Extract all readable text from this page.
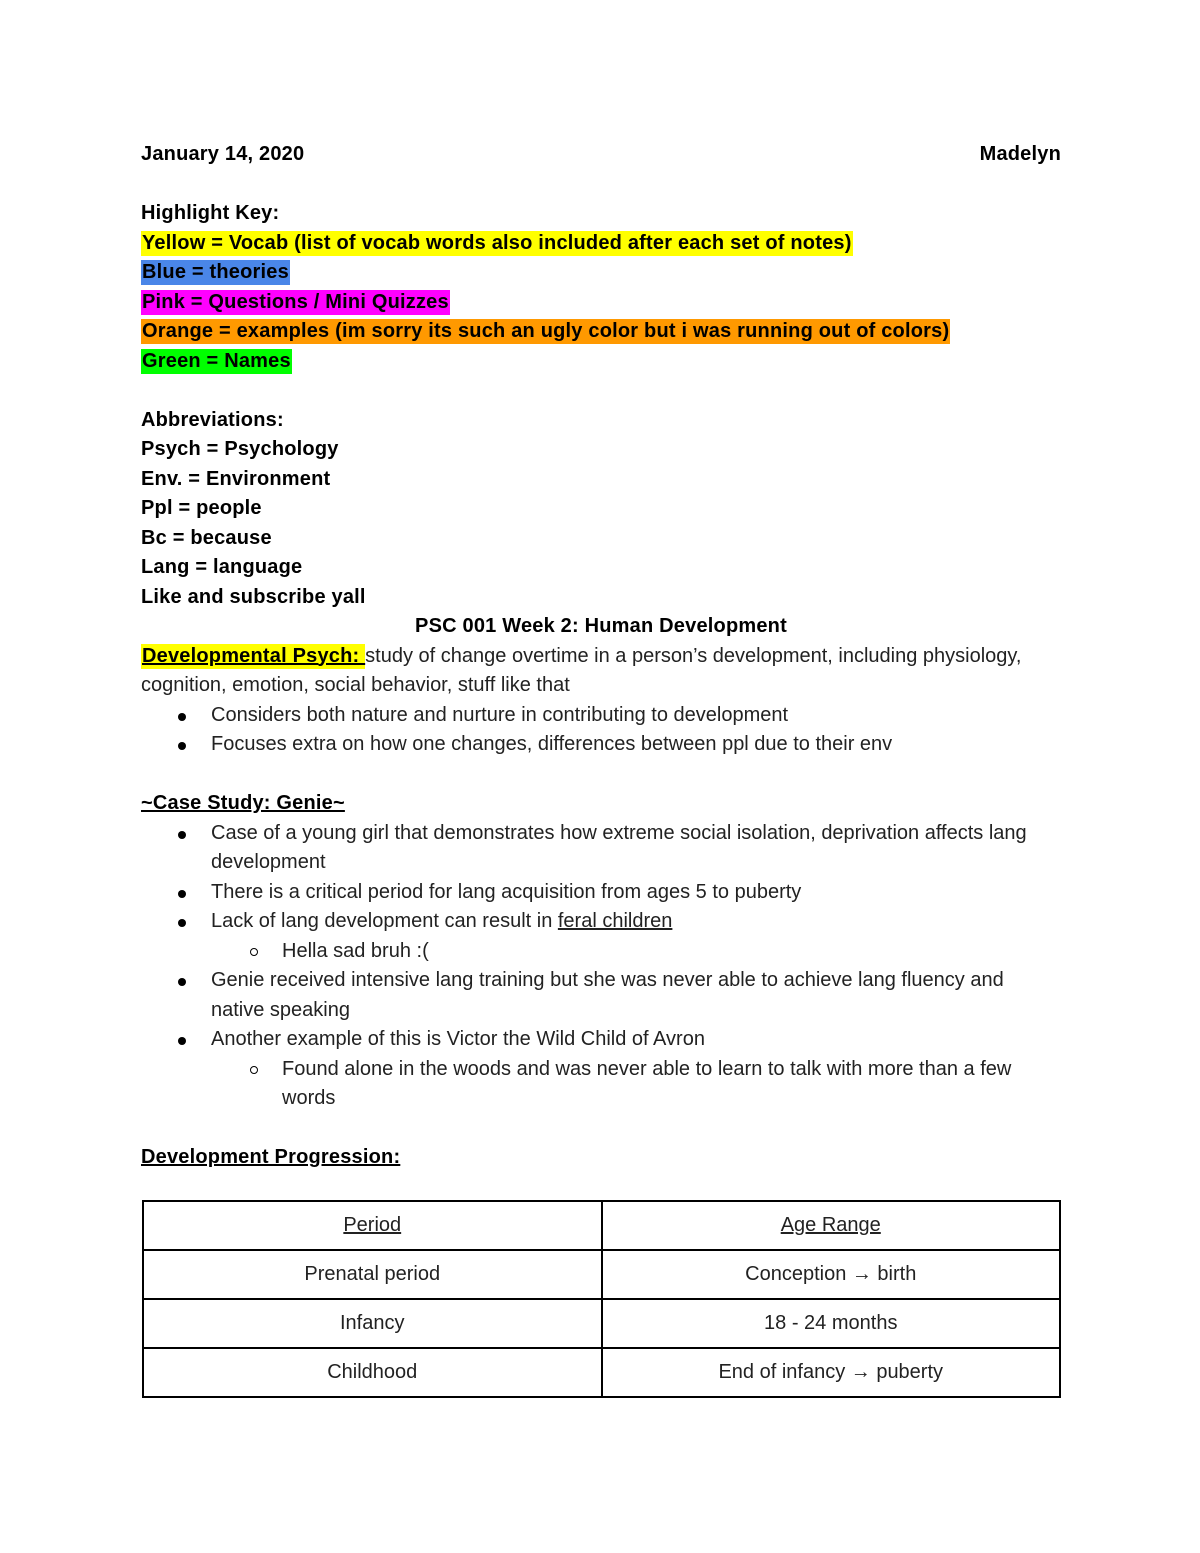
January 14, 2020	Madelyn
Highlight Key:
Yellow = Vocab (list of vocab words also included after each set of notes)
Blue = theories
Pink = Questions / Mini Quizzes
Orange = examples (im sorry its such an ugly color but i was running out of colors)
Green = Names
Abbreviations:
Psych = Psychology
Env. = Environment
Ppl = people
Bc = because
Lang = language
Like and subscribe yall
PSC 001 Week 2: Human Development
Developmental Psych: study of change overtime in a person’s development, including physiology, cognition, emotion, social behavior, stuff like that
Considers both nature and nurture in contributing to development
Focuses extra on how one changes, differences between ppl due to their env
~Case Study: Genie~
Case of a young girl that demonstrates how extreme social isolation, deprivation affects lang development
There is a critical period for lang acquisition from ages 5 to puberty
Lack of lang development can result in feral children
Hella sad bruh :(
Genie received intensive lang training but she was never able to achieve lang fluency and native speaking
Another example of this is Victor the Wild Child of Avron
Found alone in the woods and was never able to learn to talk with more than a few words
Development Progression:
Period	Age Range
Prenatal period	Conception → birth
Infancy	18 - 24 months
Childhood	End of infancy → puberty
